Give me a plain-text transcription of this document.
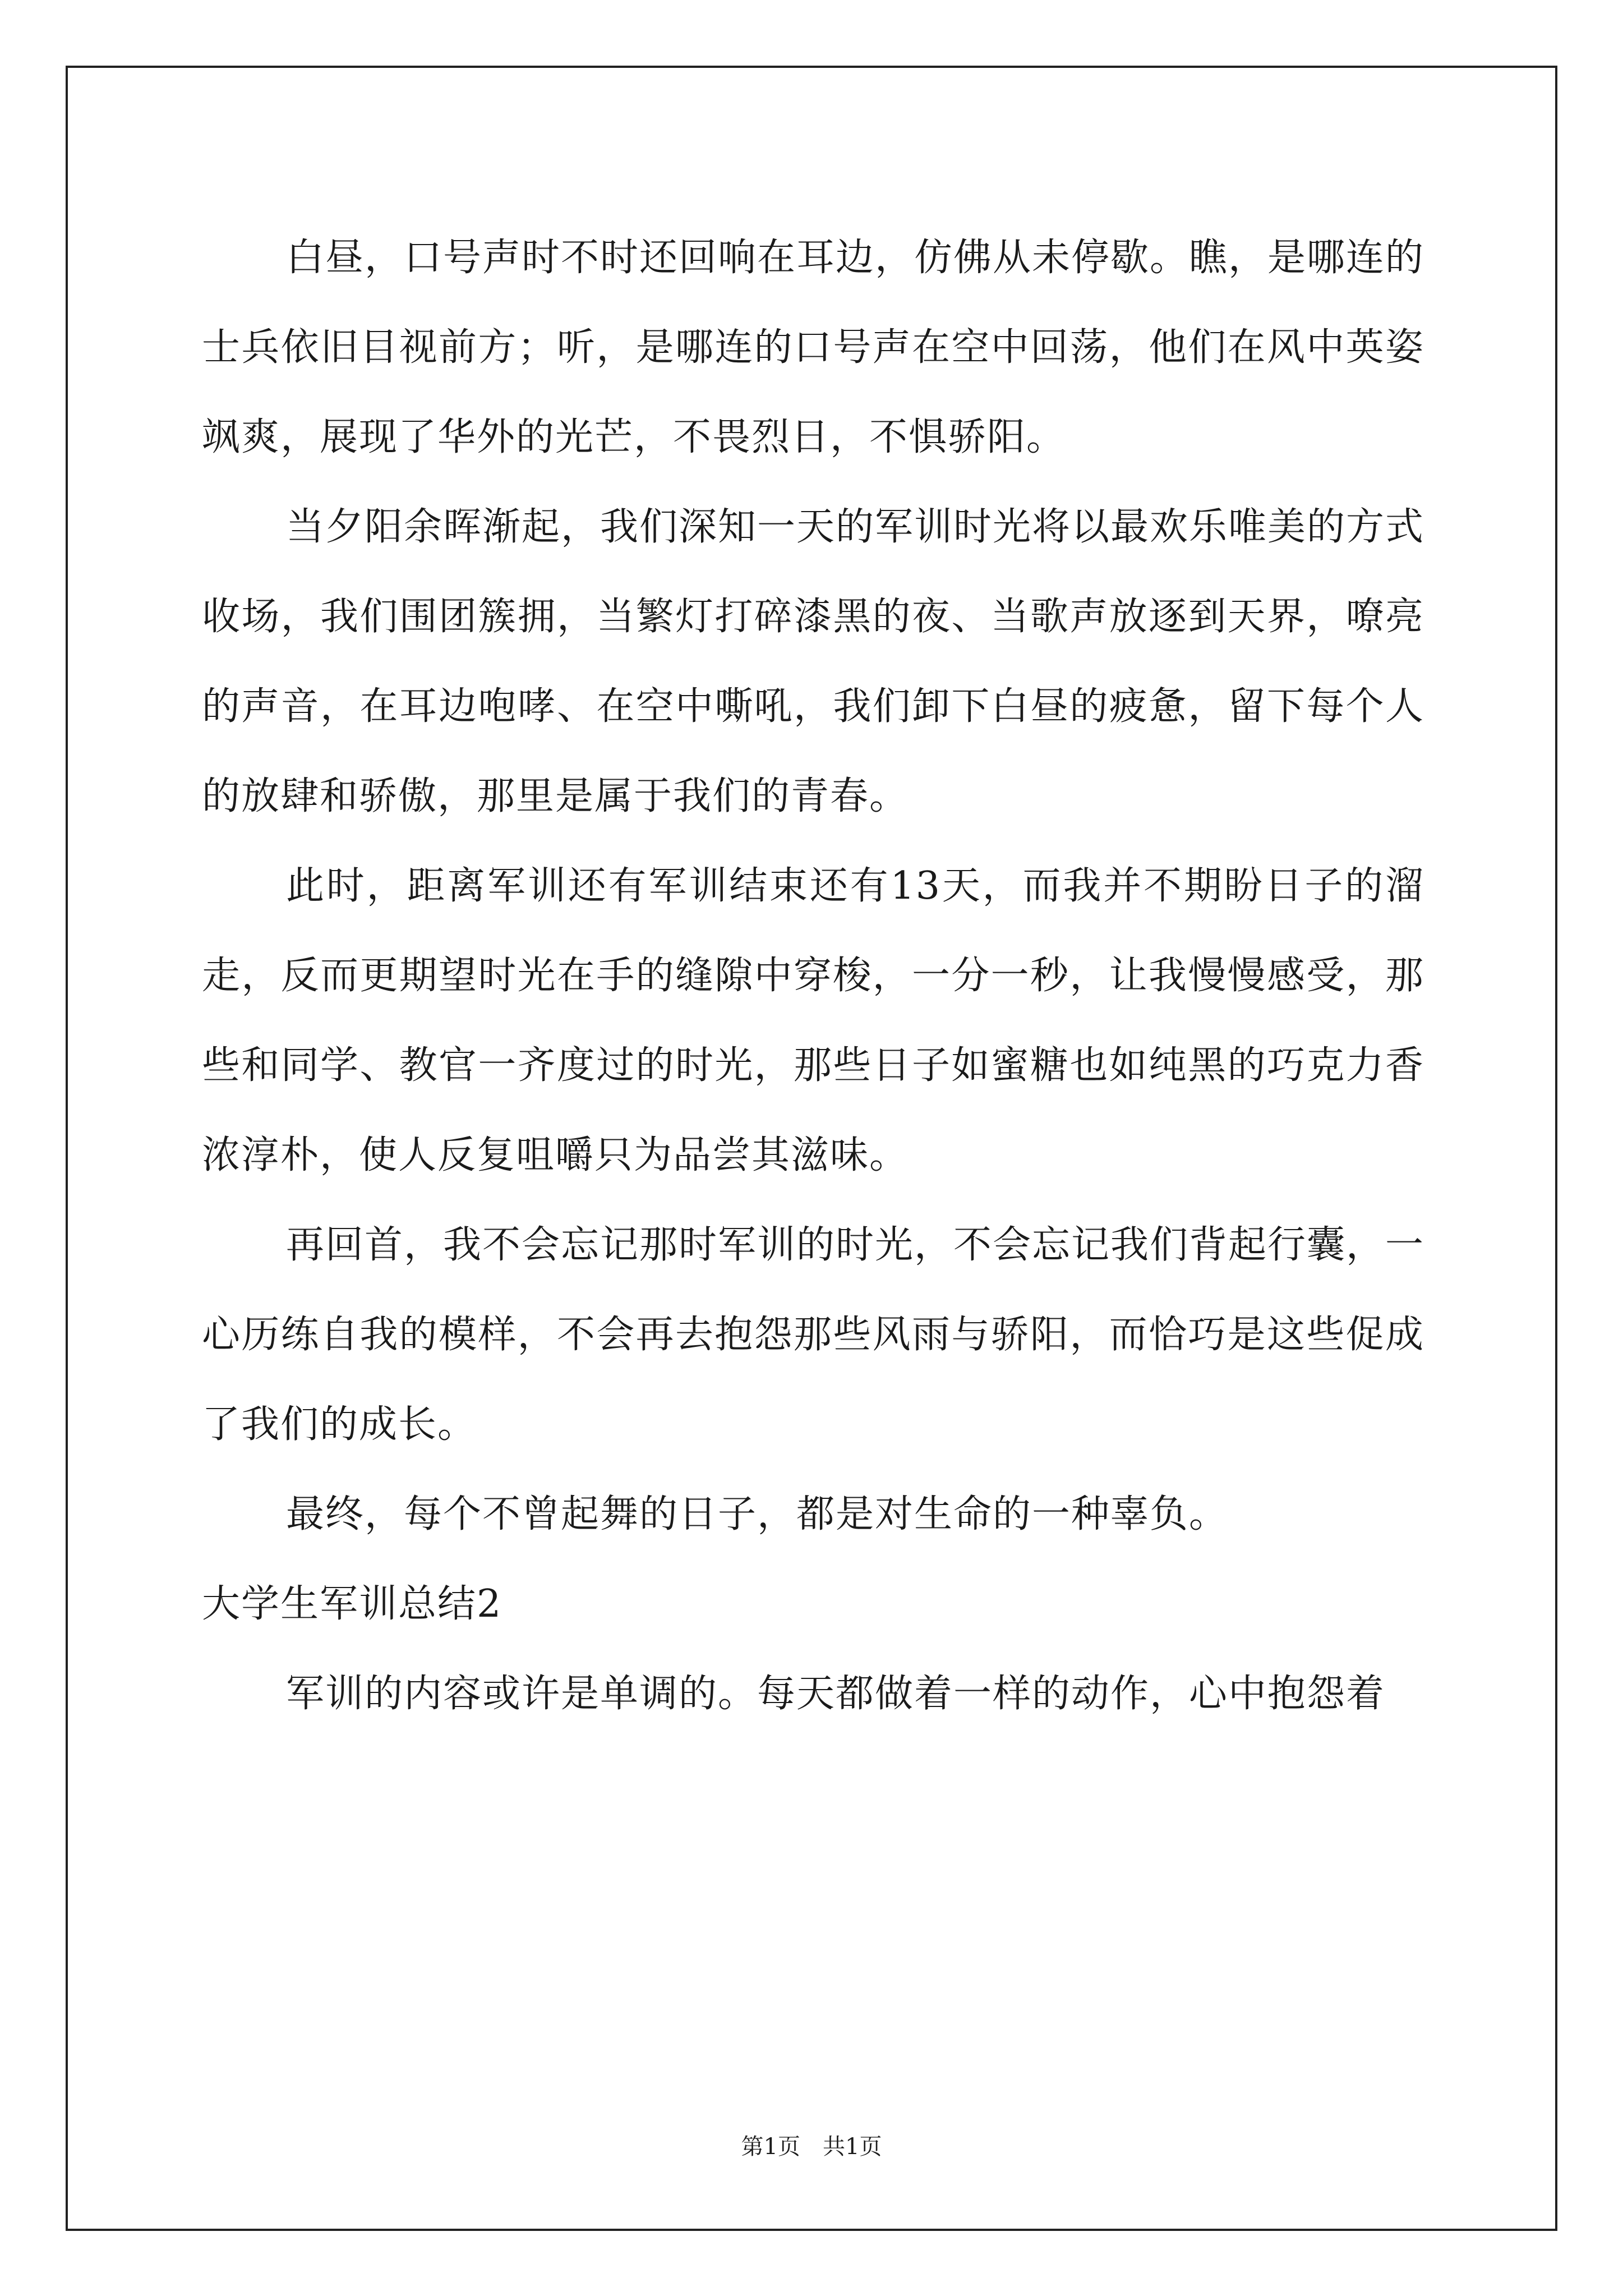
白昼，口号声时不时还回响在耳边，仿佛从未停歇。瞧，是哪连的士兵依旧目视前方；听，是哪连的口号声在空中回荡，他们在风中英姿飒爽，展现了华外的光芒，不畏烈日，不惧骄阳。

当夕阳余晖渐起，我们深知一天的军训时光将以最欢乐唯美的方式收场，我们围团簇拥，当繁灯打碎漆黑的夜、当歌声放逐到天界，嘹亮的声音，在耳边咆哮、在空中嘶吼，我们卸下白昼的疲惫，留下每个人的放肆和骄傲，那里是属于我们的青春。

此时，距离军训还有军训结束还有13天，而我并不期盼日子的溜走，反而更期望时光在手的缝隙中穿梭，一分一秒，让我慢慢感受，那些和同学、教官一齐度过的时光，那些日子如蜜糖也如纯黑的巧克力香浓淳朴，使人反复咀嚼只为品尝其滋味。

再回首，我不会忘记那时军训的时光，不会忘记我们背起行囊，一心历练自我的模样，不会再去抱怨那些风雨与骄阳，而恰巧是这些促成了我们的成长。

最终，每个不曾起舞的日子，都是对生命的一种辜负。

大学生军训总结2

军训的内容或许是单调的。每天都做着一样的动作，心中抱怨着

第1页　共1页
